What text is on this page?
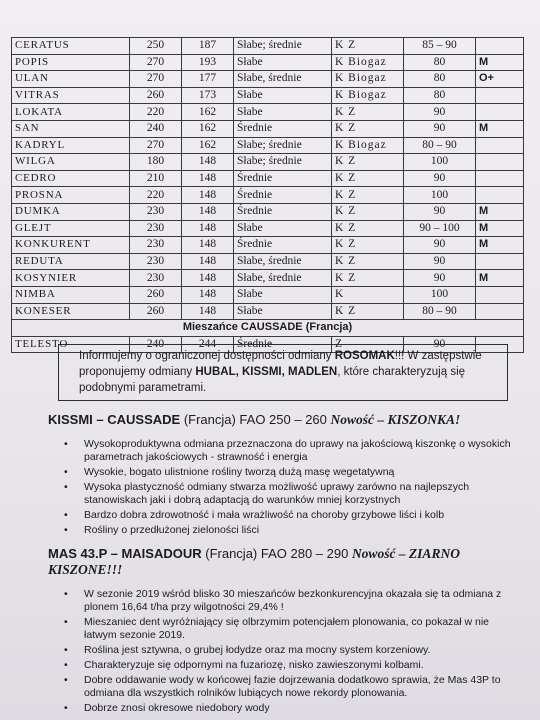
CERATUS	250	187	Słabe; średnie	K Z	85 – 90	
POPIS	270	193	Słabe	K Biogaz	80	M
ULAN	270	177	Słabe, średnie	K Biogaz	80	O+
VITRAS	260	173	Słabe	K Biogaz	80	
LOKATA	220	162	Słabe	K Z	90	
SAN	240	162	Średnie	K Z	90	M
KADRYL	270	162	Słabe; średnie	K Biogaz	80 – 90	
WILGA	180	148	Słabe; średnie	K Z	100	
CEDRO	210	148	Średnie	K Z	90	
PROSNA	220	148	Średnie	K Z	100	
DUMKA	230	148	Średnie	K Z	90	M
GLEJT	230	148	Słabe	K Z	90 – 100	M
KONKURENT	230	148	Średnie	K Z	90	M
REDUTA	230	148	Słabe, średnie	K Z	90	
KOSYNIER	230	148	Słabe, średnie	K Z	90	M
NIMBA	260	148	Słabe	K	100	
KONESER	260	148	Słabe	K Z	80 – 90	
Mieszańce CAUSSADE (Francja)						
TELESTO	240	244	Średnie	Z	90	
Informujemy o ograniczonej dostępności odmiany ROSOMAK!!! W zastępstwie proponujemy odmiany HUBAL, KISSMI, MADLEN, które charakteryzują się podobnymi parametrami.
KISSMI – CAUSSADE (Francja) FAO 250 – 260 Nowość – KISZONKA!
• Wysokoproduktywna odmiana przeznaczona do uprawy na jakościową kiszonkę o wysokich parametrach jakościowych - strawność i energia
• Wysokie, bogato ulistnione rośliny tworzą dużą masę wegetatywną
• Wysoka plastyczność odmiany stwarza możliwość uprawy zarówno na najlepszych stanowiskach jaki i dobrą adaptacją do warunków mniej korzystnych
• Bardzo dobra zdrowotność i mała wrażliwość na choroby grzybowe liści i kolb
• Rośliny o przedłużonej zieloności liści
MAS 43.P – MAISADOUR (Francja) FAO 280 – 290 Nowość – ZIARNO KISZONE!!!
• W sezonie 2019 wśród blisko 30 mieszańców bezkonkurencyjna okazała się ta odmiana z plonem 16,64 t/ha przy wilgotności 29,4% !
• Mieszaniec dent wyróżniający się olbrzymim potencjałem plonowania, co pokazał w nie łatwym sezonie 2019.
• Roślina jest sztywna, o grubej łodydze oraz ma mocny system korzeniowy.
• Charakteryzuje się odpornymi na fuzariozę, nisko zawieszonymi kolbami.
• Dobre oddawanie wody w końcowej fazie dojrzewania dodatkowo sprawia, że Mas 43P to odmiana dla wszystkich rolników lubiących nowe rekordy plonowania.
• Dobrze znosi okresowe niedobory wody
